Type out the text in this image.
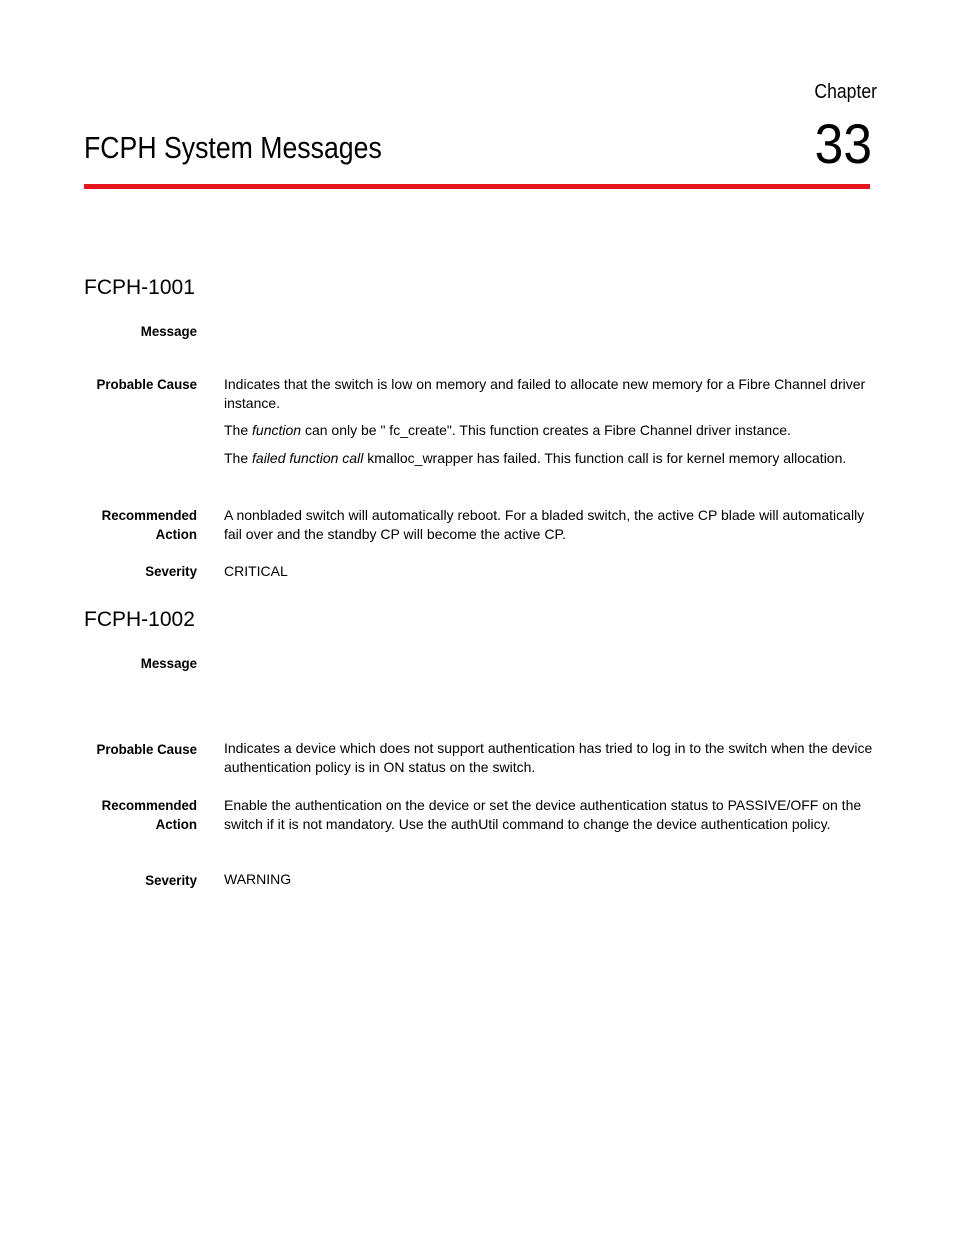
Chapter
33
FCPH System Messages
FCPH-1001
Message
Probable Cause Indicates that the switch is low on memory and failed to allocate new memory for a Fibre Channel driver instance.
The function can only be " fc_create". This function creates a Fibre Channel driver instance.
The failed function call kmalloc_wrapper has failed. This function call is for kernel memory allocation.
Recommended
Action
A nonbladed switch will automatically reboot. For a bladed switch, the active CP blade will automatically fail over and the standby CP will become the active CP.
Severity CRITICAL
FCPH-1002
Message
Probable Cause Indicates a device which does not support authentication has tried to log in to the switch when the device authentication policy is in ON status on the switch.
Recommended
Action
Enable the authentication on the device or set the device authentication status to PASSIVE/OFF on the switch if it is not mandatory. Use the authUtil command to change the device authentication policy.
Severity WARNING
